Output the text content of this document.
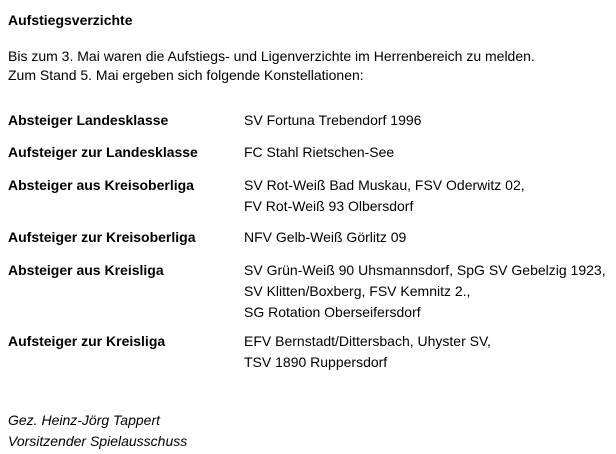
Aufstiegsverzichte
Bis zum 3. Mai waren die Aufstiegs- und Ligenverzichte im Herrenbereich zu melden.
Zum Stand 5. Mai ergeben sich folgende Konstellationen:
Absteiger Landesklasse	SV Fortuna Trebendorf 1996
Aufsteiger zur Landesklasse	FC Stahl Rietschen-See
Absteiger aus Kreisoberliga	SV Rot-Weiß Bad Muskau, FSV Oderwitz 02,
FV Rot-Weiß 93 Olbersdorf
Aufsteiger zur Kreisoberliga	NFV Gelb-Weiß Görlitz 09
Absteiger aus Kreisliga	SV Grün-Weiß 90 Uhsmannsdorf, SpG SV Gebelzig 1923,
SV Klitten/Boxberg, FSV Kemnitz 2.,
SG Rotation Oberseifersdorf
Aufsteiger zur Kreisliga	EFV Bernstadt/Dittersbach, Uhyster SV,
TSV 1890 Ruppersdorf
Gez. Heinz-Jörg Tappert
Vorsitzender Spielausschuss
